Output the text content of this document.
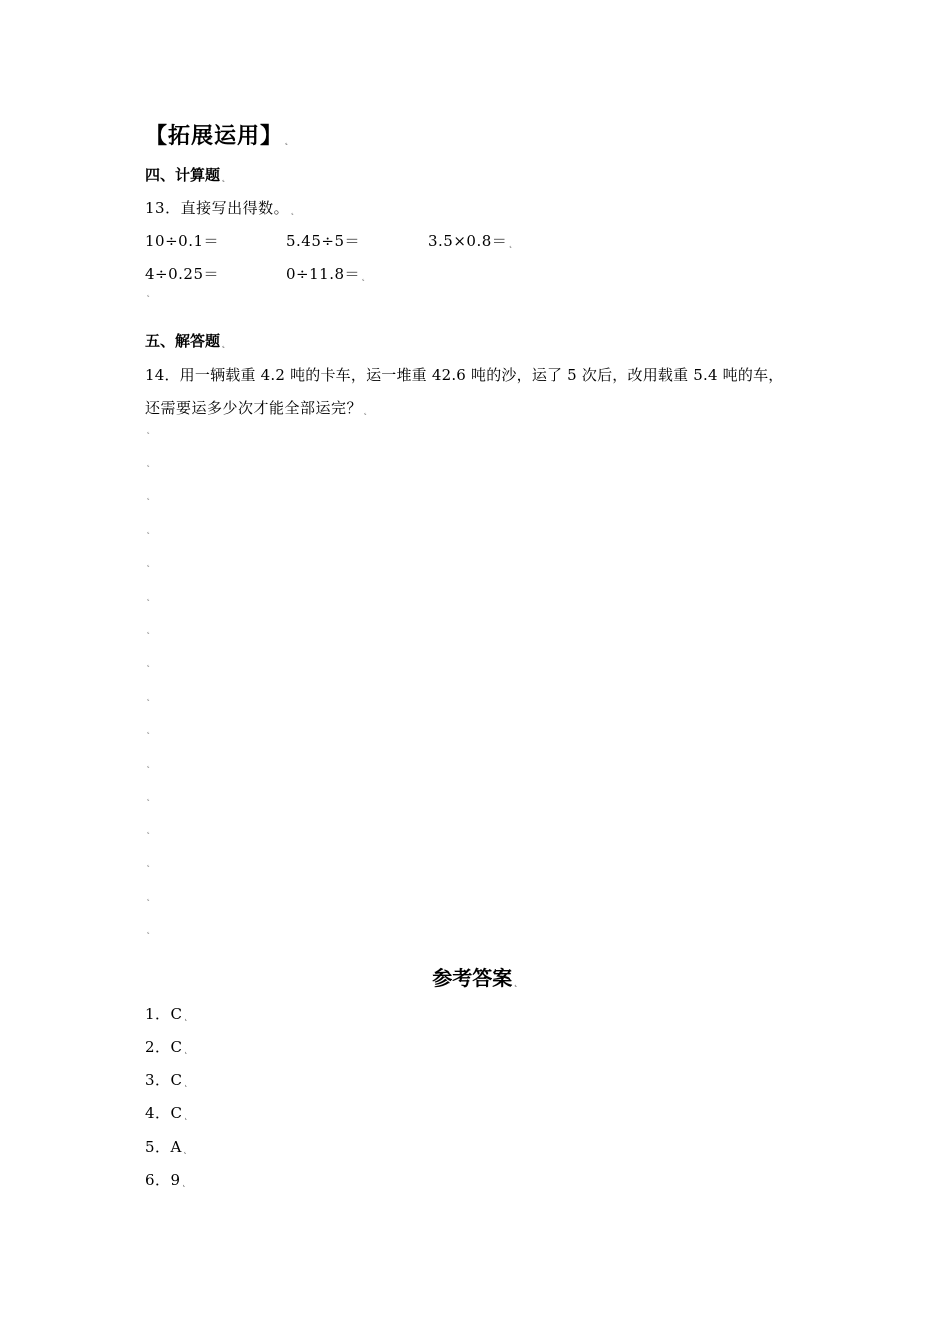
【拓展运用】˛
四、计算题˛
13．直接写出得数。˛
10÷0.1＝	5.45÷5＝	3.5×0.8＝˛
4÷0.25＝	0÷11.8＝˛
˛
五、解答题˛
14．用一辆载重 4.2 吨的卡车，运一堆重 42.6 吨的沙，运了 5 次后，改用载重 5.4 吨的车，
还需要运多少次才能全部运完？˛
˛
˛
˛
˛
˛
˛
˛
˛
˛
˛
˛
˛
˛
˛
˛
˛
参考答案˛
1．C˛
2．C˛
3．C˛
4．C˛
5．A˛
6．9˛
